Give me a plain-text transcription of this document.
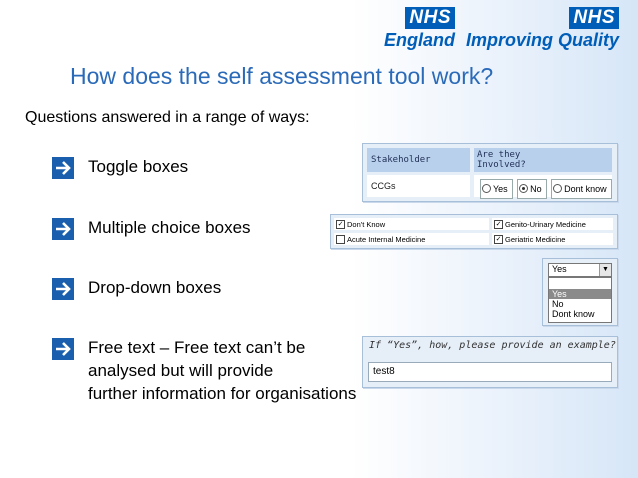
NHS
England
NHS
Improving Quality
How does the self assessment tool work?
Questions answered in a range of ways:
Toggle boxes
Multiple choice boxes
Drop-down boxes
Free text – Free text can’t be
analysed but will provide
further information for organisations
Stakeholder	Are they
Involved?
CCGs	Yes No Dont know
✓ Don't Know	✓ Genito-Urinary Medicine
Acute Internal Medicine	✓ Geriatric Medicine
Yes	▼
Yes
No
Dont know
If “Yes”, how, please provide an example?
test8
